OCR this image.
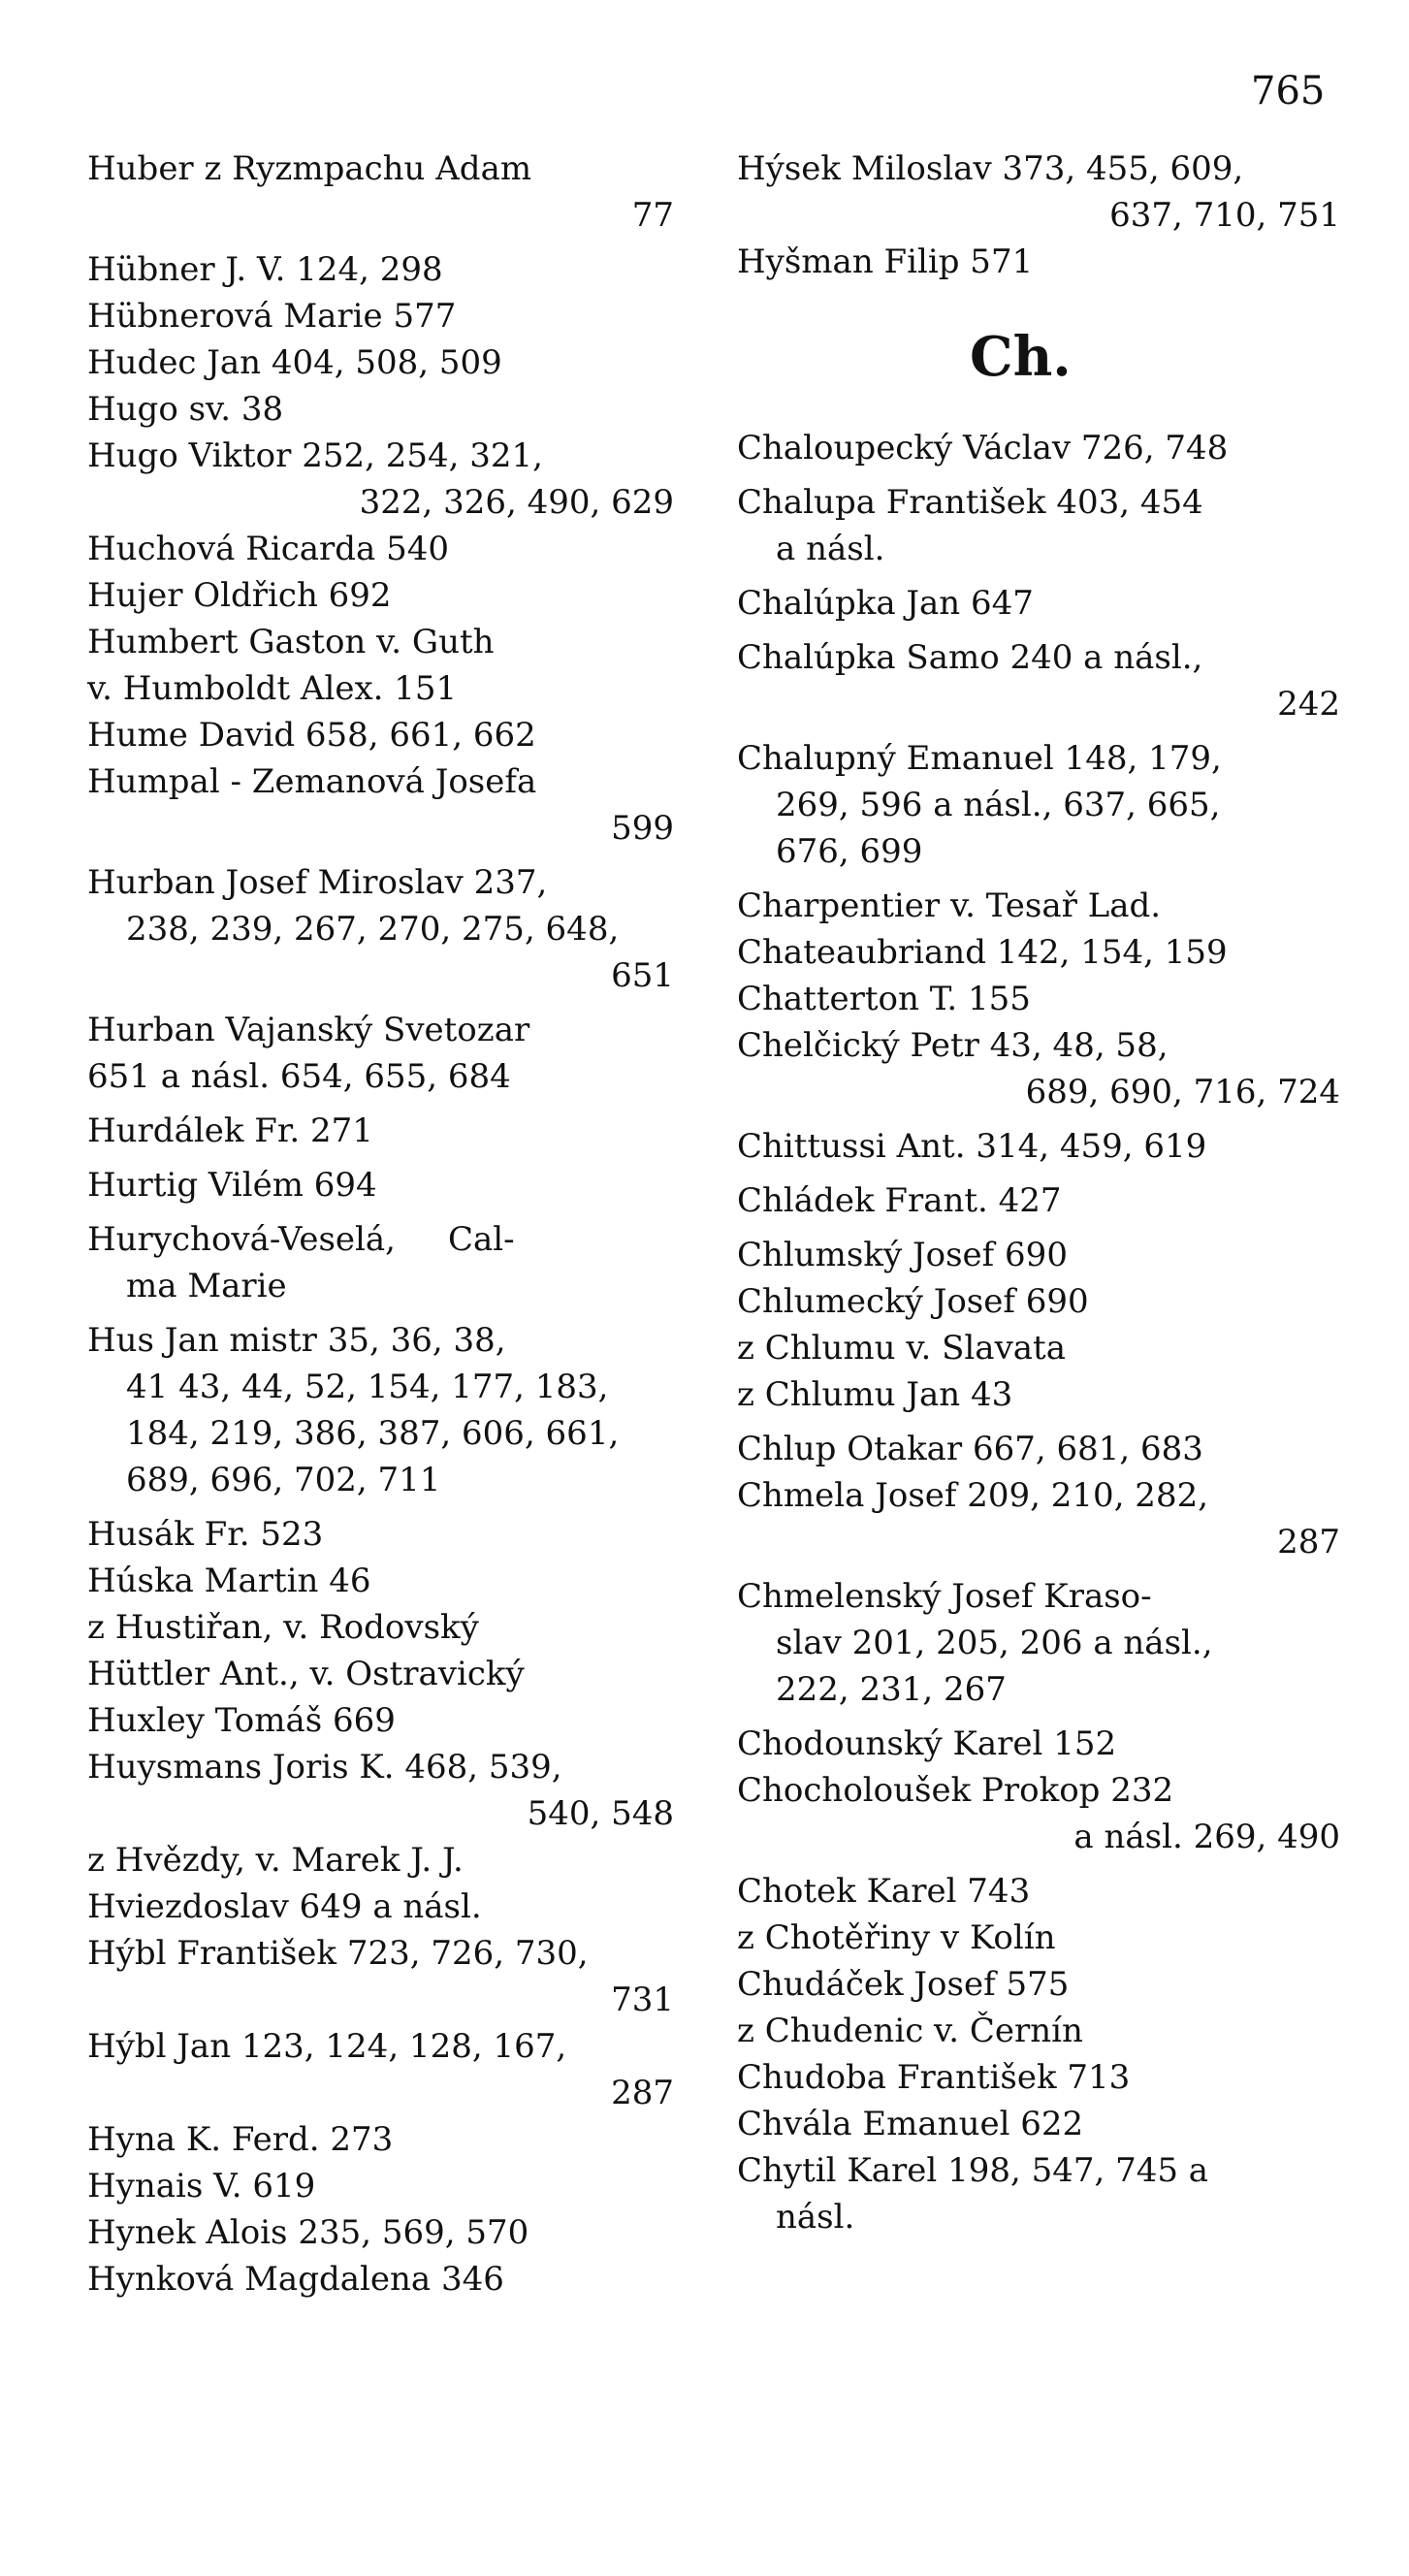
765
Huber z Ryzmpachu Adam
77
Hübner J. V. 124, 298
Hübnerová Marie 577
Hudec Jan 404, 508, 509
Hugo sv. 38
Hugo Viktor 252, 254, 321,
322, 326, 490, 629
Huchová Ricarda 540
Hujer Oldřich 692
Humbert Gaston v. Guth
v. Humboldt Alex. 151
Hume David 658, 661, 662
Humpal - Zemanová Josefa
599
Hurban Josef Miroslav 237,
238, 239, 267, 270, 275, 648,
651
Hurban Vajanský Svetozar
651 a násl. 654, 655, 684
Hurdálek Fr. 271
Hurtig Vilém 694
Hurychová-Veselá,     Cal-
ma Marie
Hus Jan mistr 35, 36, 38,
41 43, 44, 52, 154, 177, 183,
184, 219, 386, 387, 606, 661,
689, 696, 702, 711
Husák Fr. 523
Húska Martin 46
z Hustiřan, v. Rodovský
Hüttler Ant., v. Ostravický
Huxley Tomáš 669
Huysmans Joris K. 468, 539,
540, 548
z Hvězdy, v. Marek J. J.
Hviezdoslav 649 a násl.
Hýbl František 723, 726, 730,
731
Hýbl Jan 123, 124, 128, 167,
287
Hyna K. Ferd. 273
Hynais V. 619
Hynek Alois 235, 569, 570
Hynková Magdalena 346
Hýsek Miloslav 373, 455, 609,
637, 710, 751
Hyšman Filip 571
Ch.
Chaloupecký Václav 726, 748
Chalupa František 403, 454
a násl.
Chalúpka Jan 647
Chalúpka Samo 240 a násl.,
242
Chalupný Emanuel 148, 179,
269, 596 a násl., 637, 665,
676, 699
Charpentier v. Tesař Lad.
Chateaubriand 142, 154, 159
Chatterton T. 155
Chelčický Petr 43, 48, 58,
689, 690, 716, 724
Chittussi Ant. 314, 459, 619
Chládek Frant. 427
Chlumský Josef 690
Chlumecký Josef 690
z Chlumu v. Slavata
z Chlumu Jan 43
Chlup Otakar 667, 681, 683
Chmela Josef 209, 210, 282,
287
Chmelenský Josef Kraso-
slav 201, 205, 206 a násl.,
222, 231, 267
Chodounský Karel 152
Chocholoušek Prokop 232
a násl. 269, 490
Chotek Karel 743
z Chotěřiny v Kolín
Chudáček Josef 575
z Chudenic v. Černín
Chudoba František 713
Chvála Emanuel 622
Chytil Karel 198, 547, 745 a
násl.
